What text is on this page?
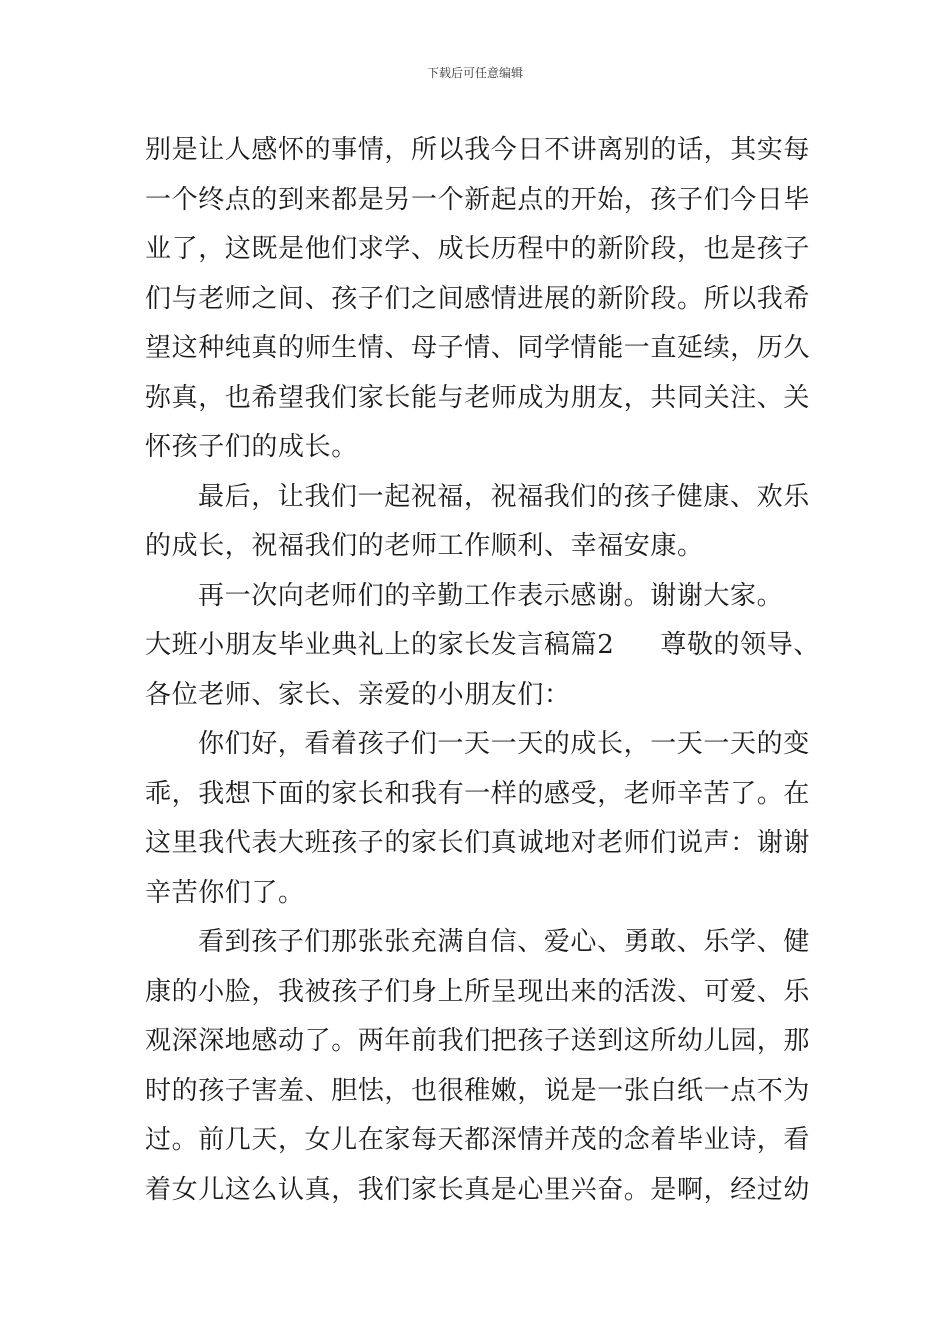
下载后可任意编辑
别是让人感怀的事情，所以我今日不讲离别的话，其实每
一个终点的到来都是另一个新起点的开始，孩子们今日毕
业了，这既是他们求学、成长历程中的新阶段，也是孩子
们与老师之间、孩子们之间感情进展的新阶段。所以我希
望这种纯真的师生情、母子情、同学情能一直延续，历久
弥真，也希望我们家长能与老师成为朋友，共同关注、关
怀孩子们的成长。
最后，让我们一起祝福，祝福我们的孩子健康、欢乐
的成长，祝福我们的老师工作顺利、幸福安康。
再一次向老师们的辛勤工作表示感谢。谢谢大家。
大班小朋友毕业典礼上的家长发言稿篇2 尊敬的领导、
各位老师、家长、亲爱的小朋友们：
你们好，看着孩子们一天一天的成长，一天一天的变
乖，我想下面的家长和我有一样的感受，老师辛苦了。在
这里我代表大班孩子的家长们真诚地对老师们说声：谢谢
辛苦你们了。
看到孩子们那张张充满自信、爱心、勇敢、乐学、健
康的小脸，我被孩子们身上所呈现出来的活泼、可爱、乐
观深深地感动了。两年前我们把孩子送到这所幼儿园，那
时的孩子害羞、胆怯，也很稚嫩，说是一张白纸一点不为
过。前几天，女儿在家每天都深情并茂的念着毕业诗，看
着女儿这么认真，我们家长真是心里兴奋。是啊，经过幼
